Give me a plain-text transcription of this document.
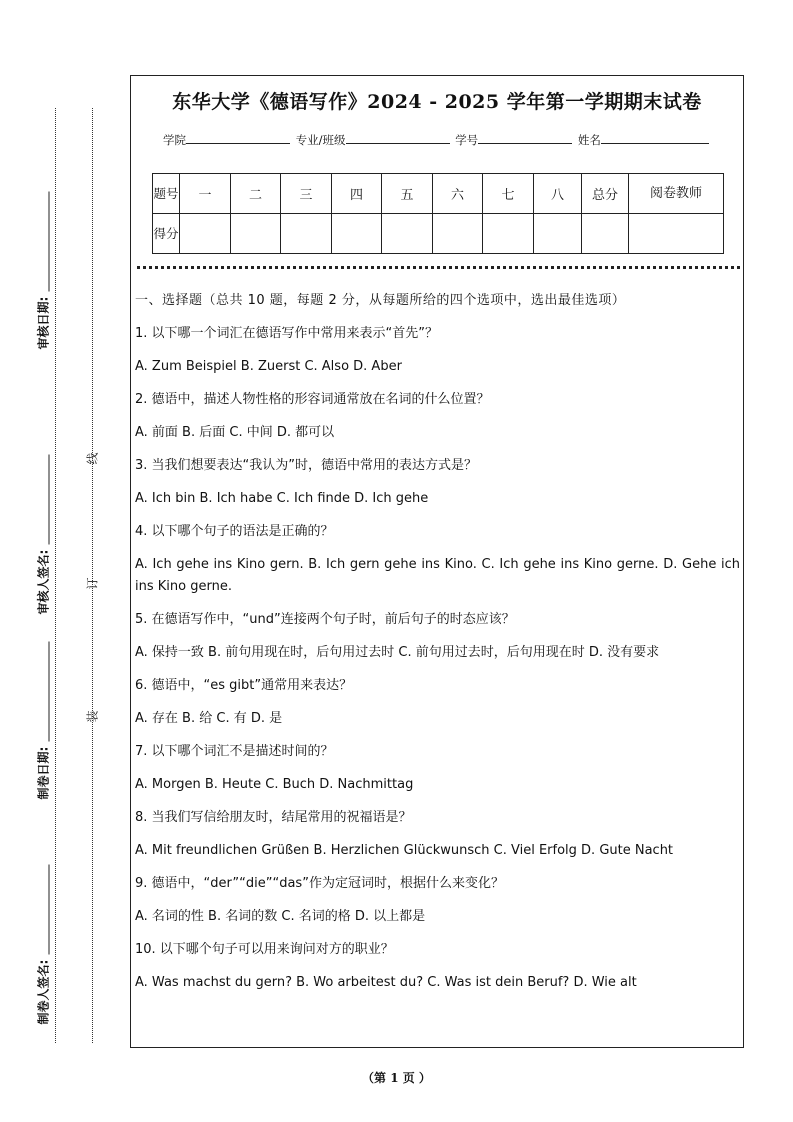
审核日期:
审核人签名:
制卷日期:
制卷人签名:
线
订
装
东华大学《德语写作》2024 - 2025 学年第一学期期末试卷
学院	专业/班级	学号	姓名
题号	一	二	三	四	五	六	七	八	总分	阅卷教师
得分										

一、选择题（总共 10 题，每题 2 分，从每题所给的四个选项中，选出最佳选项）

1. 以下哪一个词汇在德语写作中常用来表示“首先”？

A. Zum Beispiel B. Zuerst C. Also D. Aber

2. 德语中，描述人物性格的形容词通常放在名词的什么位置？

A. 前面 B. 后面 C. 中间 D. 都可以

3. 当我们想要表达“我认为”时，德语中常用的表达方式是？

A. Ich bin B. Ich habe C. Ich finde D. Ich gehe

4. 以下哪个句子的语法是正确的？

A. Ich gehe ins Kino gern. B. Ich gern gehe ins Kino. C. Ich gehe ins Kino gerne. D. Gehe ich ins Kino gerne.

5. 在德语写作中，“und”连接两个句子时，前后句子的时态应该？

A. 保持一致 B. 前句用现在时，后句用过去时 C. 前句用过去时，后句用现在时 D. 没有要求

6. 德语中，“es gibt”通常用来表达？

A. 存在 B. 给 C. 有 D. 是

7. 以下哪个词汇不是描述时间的？

A. Morgen B. Heute C. Buch D. Nachmittag

8. 当我们写信给朋友时，结尾常用的祝福语是？

A. Mit freundlichen Grüßen B. Herzlichen Glückwunsch C. Viel Erfolg D. Gute Nacht

9. 德语中，“der”“die”“das”作为定冠词时，根据什么来变化？

A. 名词的性 B. 名词的数 C. 名词的格 D. 以上都是

10. 以下哪个句子可以用来询问对方的职业？

A. Was machst du gern? B. Wo arbeitest du? C. Was ist dein Beruf? D. Wie alt

（第 1 页 ）
